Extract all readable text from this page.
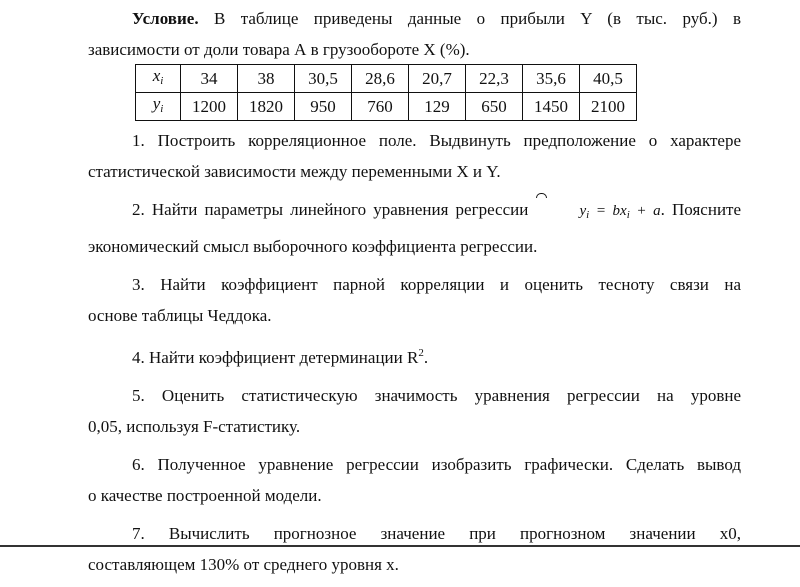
Условие. В таблице приведены данные о прибыли Y (в тыс. руб.) в

зависимости от доли товара А в грузообороте X (%).

$x_i$	34	38	30,5	28,6	20,7	22,3	35,6	40,5
$y_i$	1200	1820	950	760	129	650	1450	2100
1. Построить корреляционное поле. Выдвинуть предположение о характере
статистической зависимости между переменными X и Y.
2. Найти параметры линейного уравнения регрессии	$y_i = bx_i + a$. Поясните
экономический смысл выборочного коэффициента регрессии.
3. Найти коэффициент парной корреляции и оценить тесноту связи на
основе таблицы Чеддока.
4. Найти коэффициент детерминации $R^2$.
5. Оценить статистическую значимость уравнения регрессии на уровне
0,05, используя F-статистику.
6. Полученное уравнение регрессии изобразить графически. Сделать вывод
о качестве построенной модели.
7. Вычислить прогнозное значение при прогнозном значении x0,
составляющем 130% от среднего уровня x.
